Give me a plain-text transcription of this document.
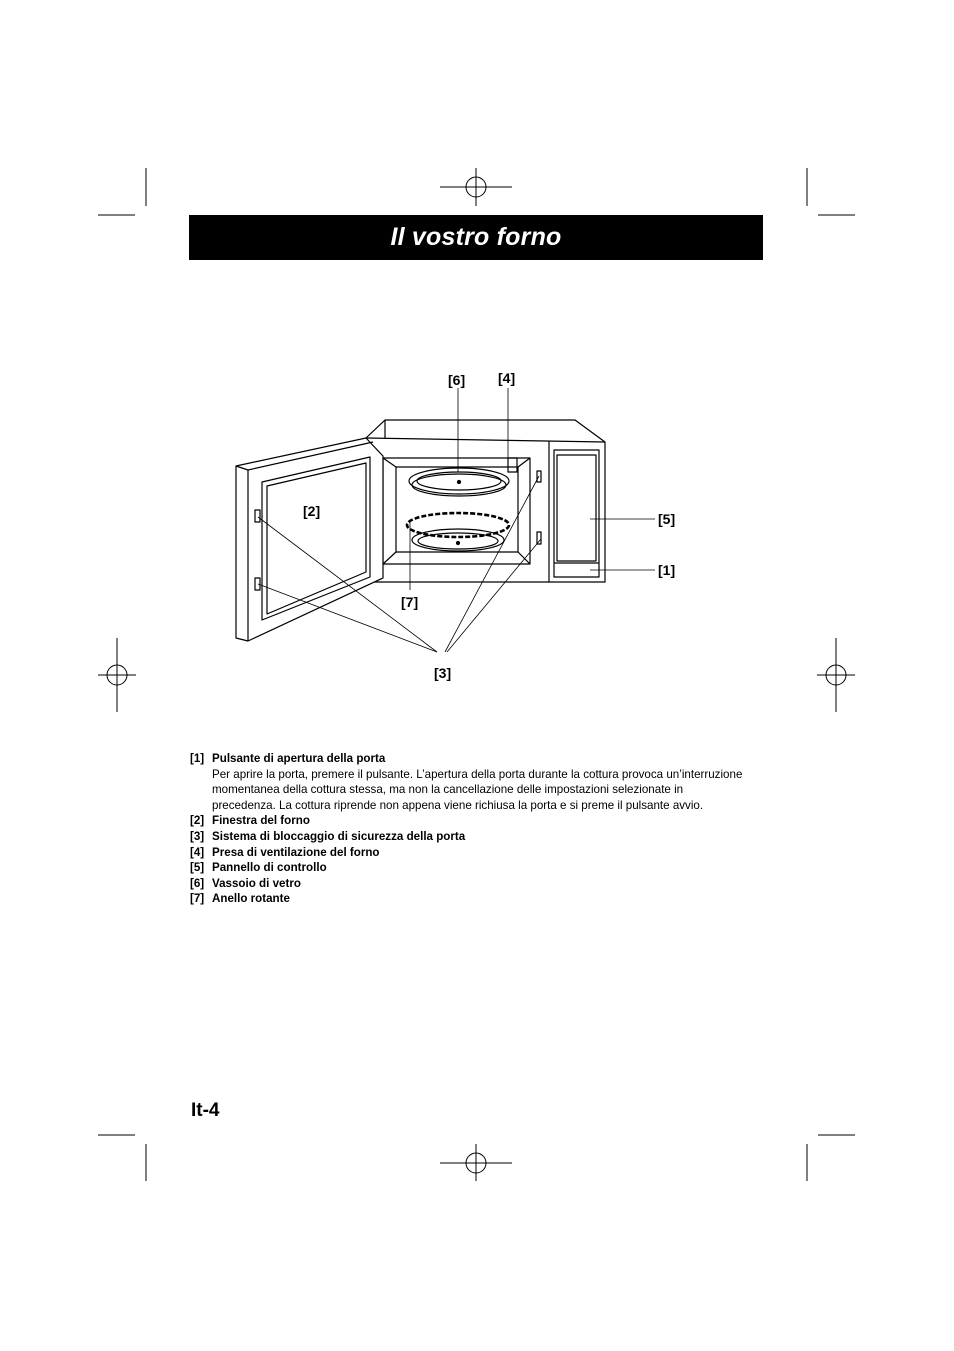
Il vostro forno
[6] [4]
[2]	[5]
[1]
[7]
[3]
[1] Pulsante di apertura della porta
Per aprire la porta, premere il pulsante. L’apertura della porta durante la cottura provoca un’interruzione momentanea della cottura stessa, ma non la cancellazione delle impostazioni selezionate in precedenza. La cottura riprende non appena viene richiusa la porta e si preme il pulsante avvio.
[2] Finestra del forno
[3] Sistema di bloccaggio di sicurezza della porta
[4] Presa di ventilazione del forno
[5] Pannello di controllo
[6] Vassoio di vetro
[7] Anello rotante
It-4
